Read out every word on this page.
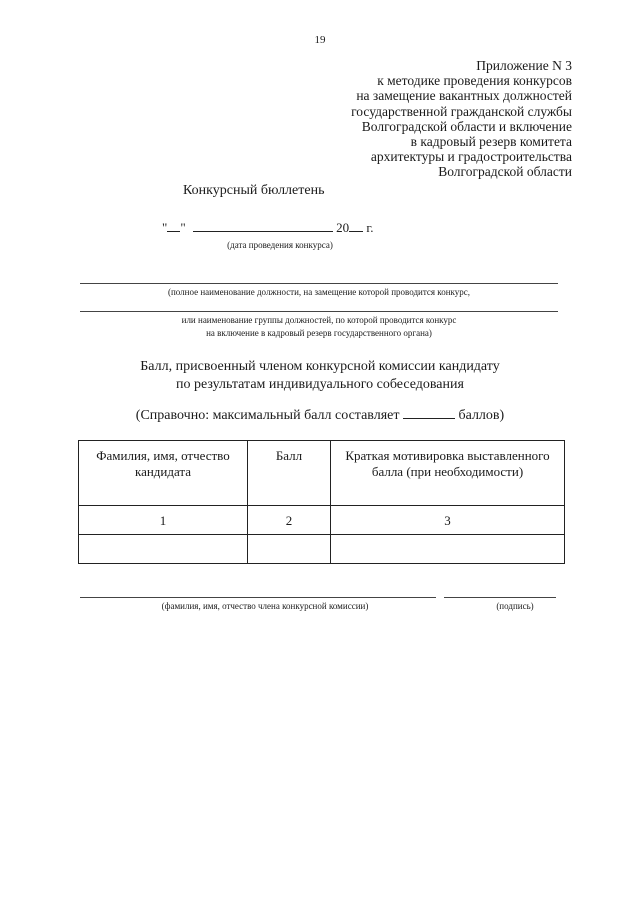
19
Приложение N 3
к методике проведения конкурсов
на замещение вакантных должностей
государственной гражданской службы
Волгоградской области и включение
в кадровый резерв комитета
архитектуры и градостроительства
Волгоградской области
Конкурсный бюллетень
" "	20 г.
(дата проведения конкурса)
(полное наименование должности, на замещение которой проводится конкурс,
или наименование группы должностей, по которой проводится конкурс
на включение в кадровый резерв государственного органа)
Балл, присвоенный членом конкурсной комиссии кандидату
по результатам индивидуального собеседования
(Справочно: максимальный балл составляет	баллов)
Фамилия, имя, отчество кандидата	Балл	Краткая мотивировка выставленного балла (при необходимости)
1	2	3

(фамилия, имя, отчество члена конкурсной комиссии)	(подпись)
